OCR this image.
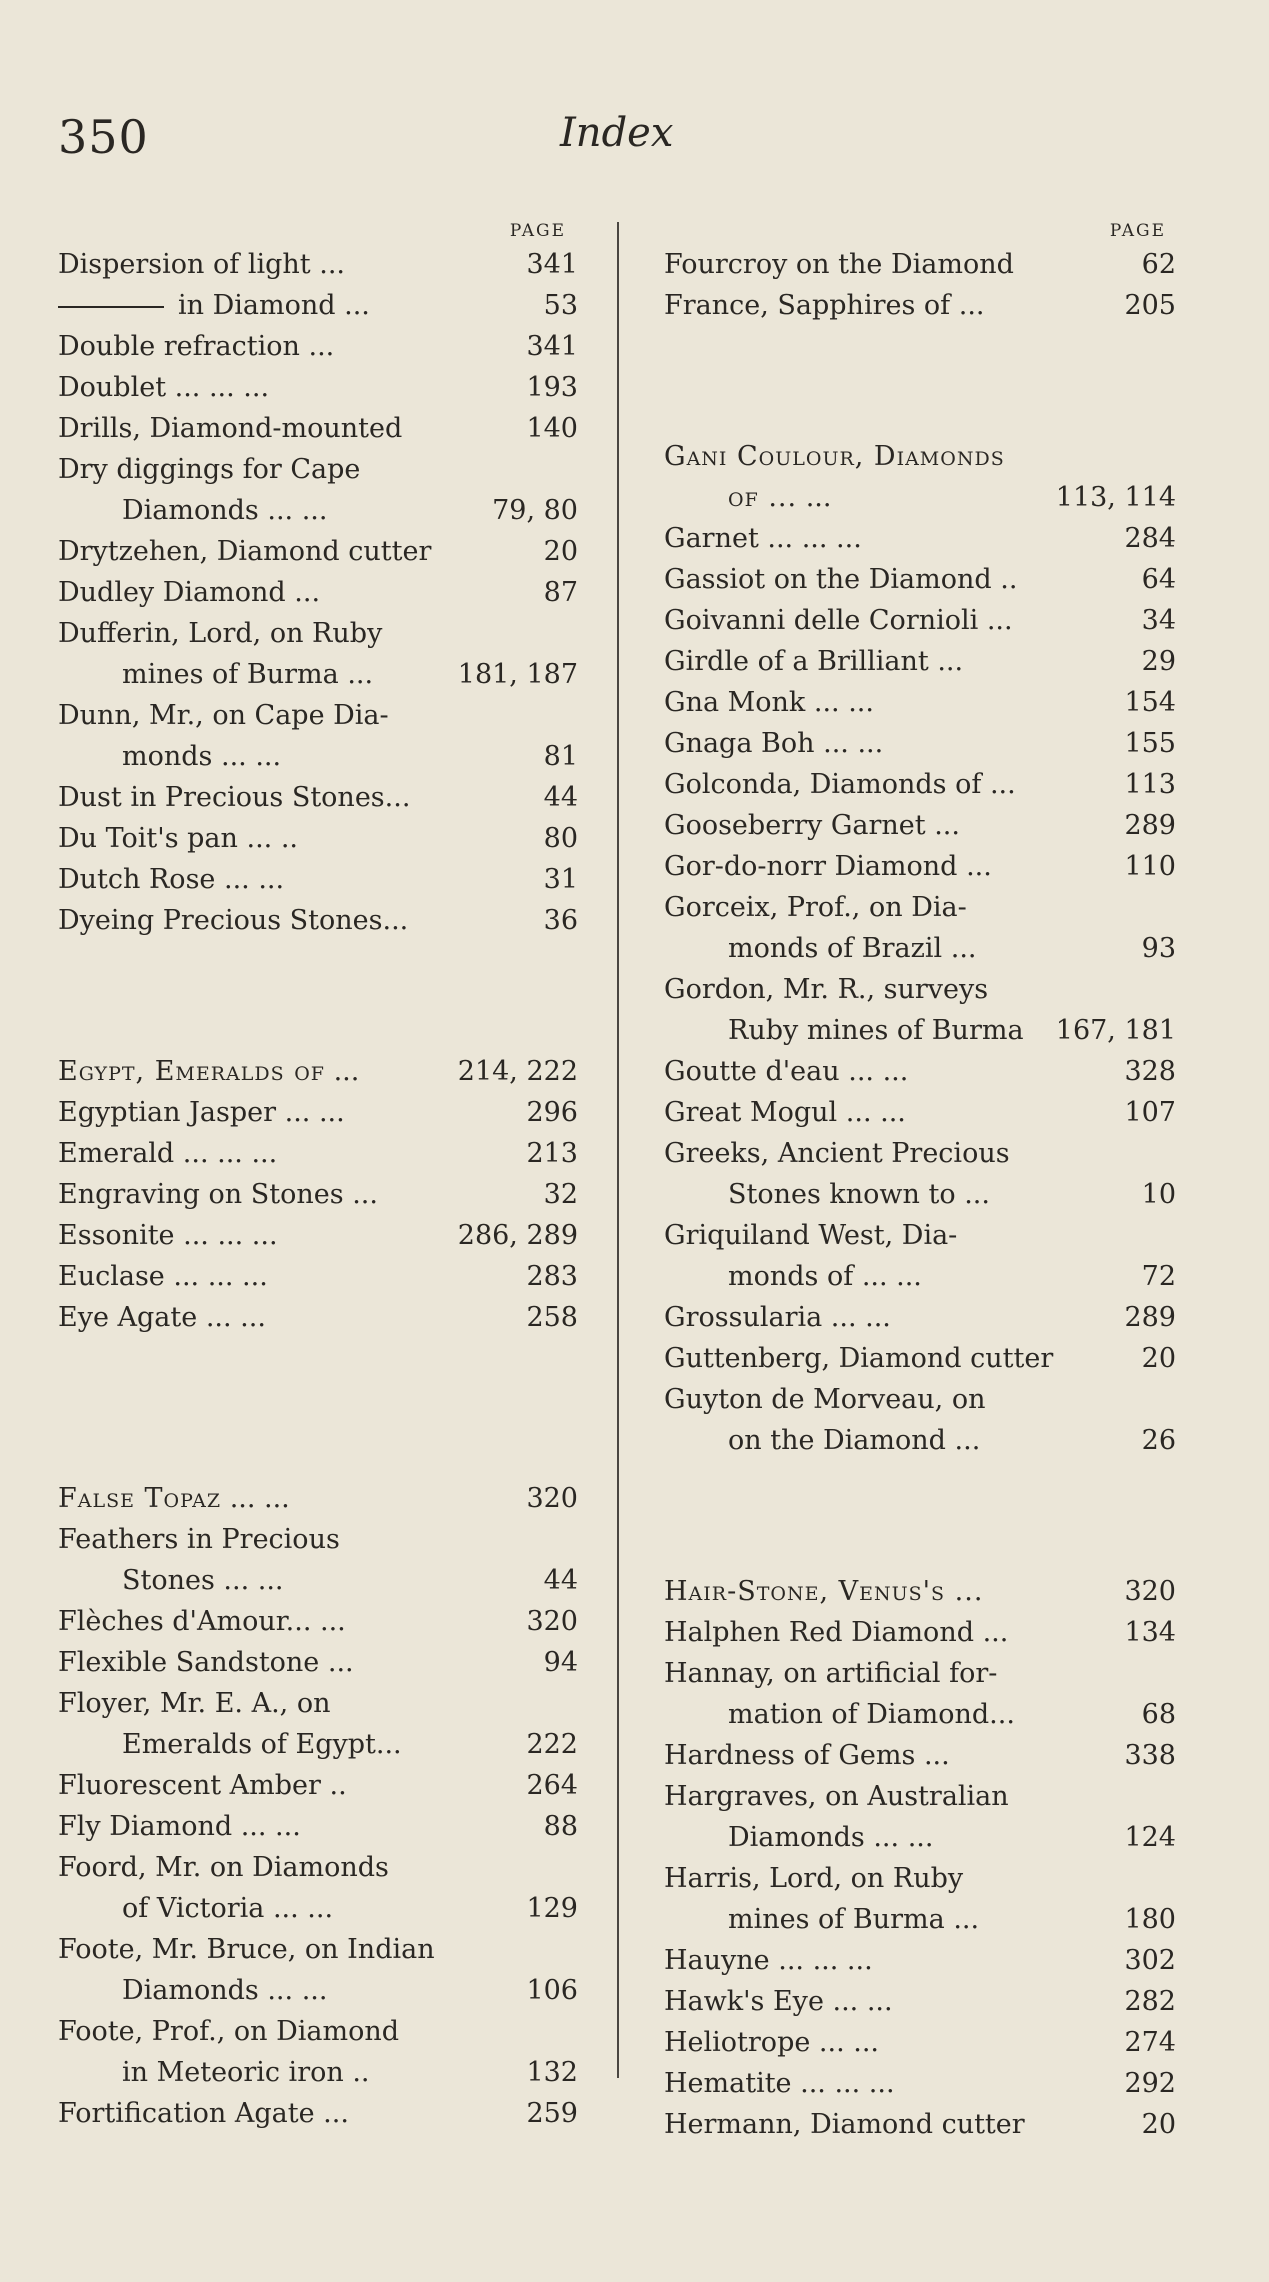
350	Index
PAGE
Dispersion of light ...	341
in Diamond ...	53
Double refraction ...	341
Doublet ... ... ...	193
Drills, Diamond-mounted	140
Dry diggings for Cape
Diamonds ... ...	79, 80
Drytzehen, Diamond cutter	20
Dudley Diamond ...	87
Dufferin, Lord, on Ruby
mines of Burma ...	181, 187
Dunn, Mr., on Cape Dia-
monds ... ...	81
Dust in Precious Stones...	44
Du Toit's pan ... ..	80
Dutch Rose ... ...	31
Dyeing Precious Stones...	36
Egypt, Emeralds of ...	214, 222
Egyptian Jasper ... ...	296
Emerald ... ... ...	213
Engraving on Stones ...	32
Essonite ... ... ...	286, 289
Euclase ... ... ...	283
Eye Agate ... ...	258
False Topaz ... ...	320
Feathers in Precious
Stones ... ...	44
Flèches d'Amour... ...	320
Flexible Sandstone ...	94
Floyer, Mr. E. A., on
Emeralds of Egypt...	222
Fluorescent Amber ..	264
Fly Diamond ... ...	88
Foord, Mr. on Diamonds
of Victoria ... ...	129
Foote, Mr. Bruce, on Indian
Diamonds ... ...	106
Foote, Prof., on Diamond
in Meteoric iron ..	132
Fortification Agate ...	259
PAGE
Fourcroy on the Diamond	62
France, Sapphires of ...	205
Gani Coulour, Diamonds
of ... ...	113, 114
Garnet ... ... ...	284
Gassiot on the Diamond ..	64
Goivanni delle Cornioli ...	34
Girdle of a Brilliant ...	29
Gna Monk ... ...	154
Gnaga Boh ... ...	155
Golconda, Diamonds of ...	113
Gooseberry Garnet ...	289
Gor-do-norr Diamond ...	110
Gorceix, Prof., on Dia-
monds of Brazil ...	93
Gordon, Mr. R., surveys
Ruby mines of Burma 167, 181
Goutte d'eau ... ...	328
Great Mogul ... ...	107
Greeks, Ancient Precious
Stones known to ...	10
Griquiland West, Dia-
monds of ... ...	72
Grossularia ... ...	289
Guttenberg, Diamond cutter	20
Guyton de Morveau, on
on the Diamond ...	26
Hair-Stone, Venus's ...	320
Halphen Red Diamond ...	134
Hannay, on artificial for-
mation of Diamond...	68
Hardness of Gems ...	338
Hargraves, on Australian
Diamonds ... ...	124
Harris, Lord, on Ruby
mines of Burma ...	180
Hauyne ... ... ...	302
Hawk's Eye ... ...	282
Heliotrope ... ...	274
Hematite ... ... ...	292
Hermann, Diamond cutter	20
